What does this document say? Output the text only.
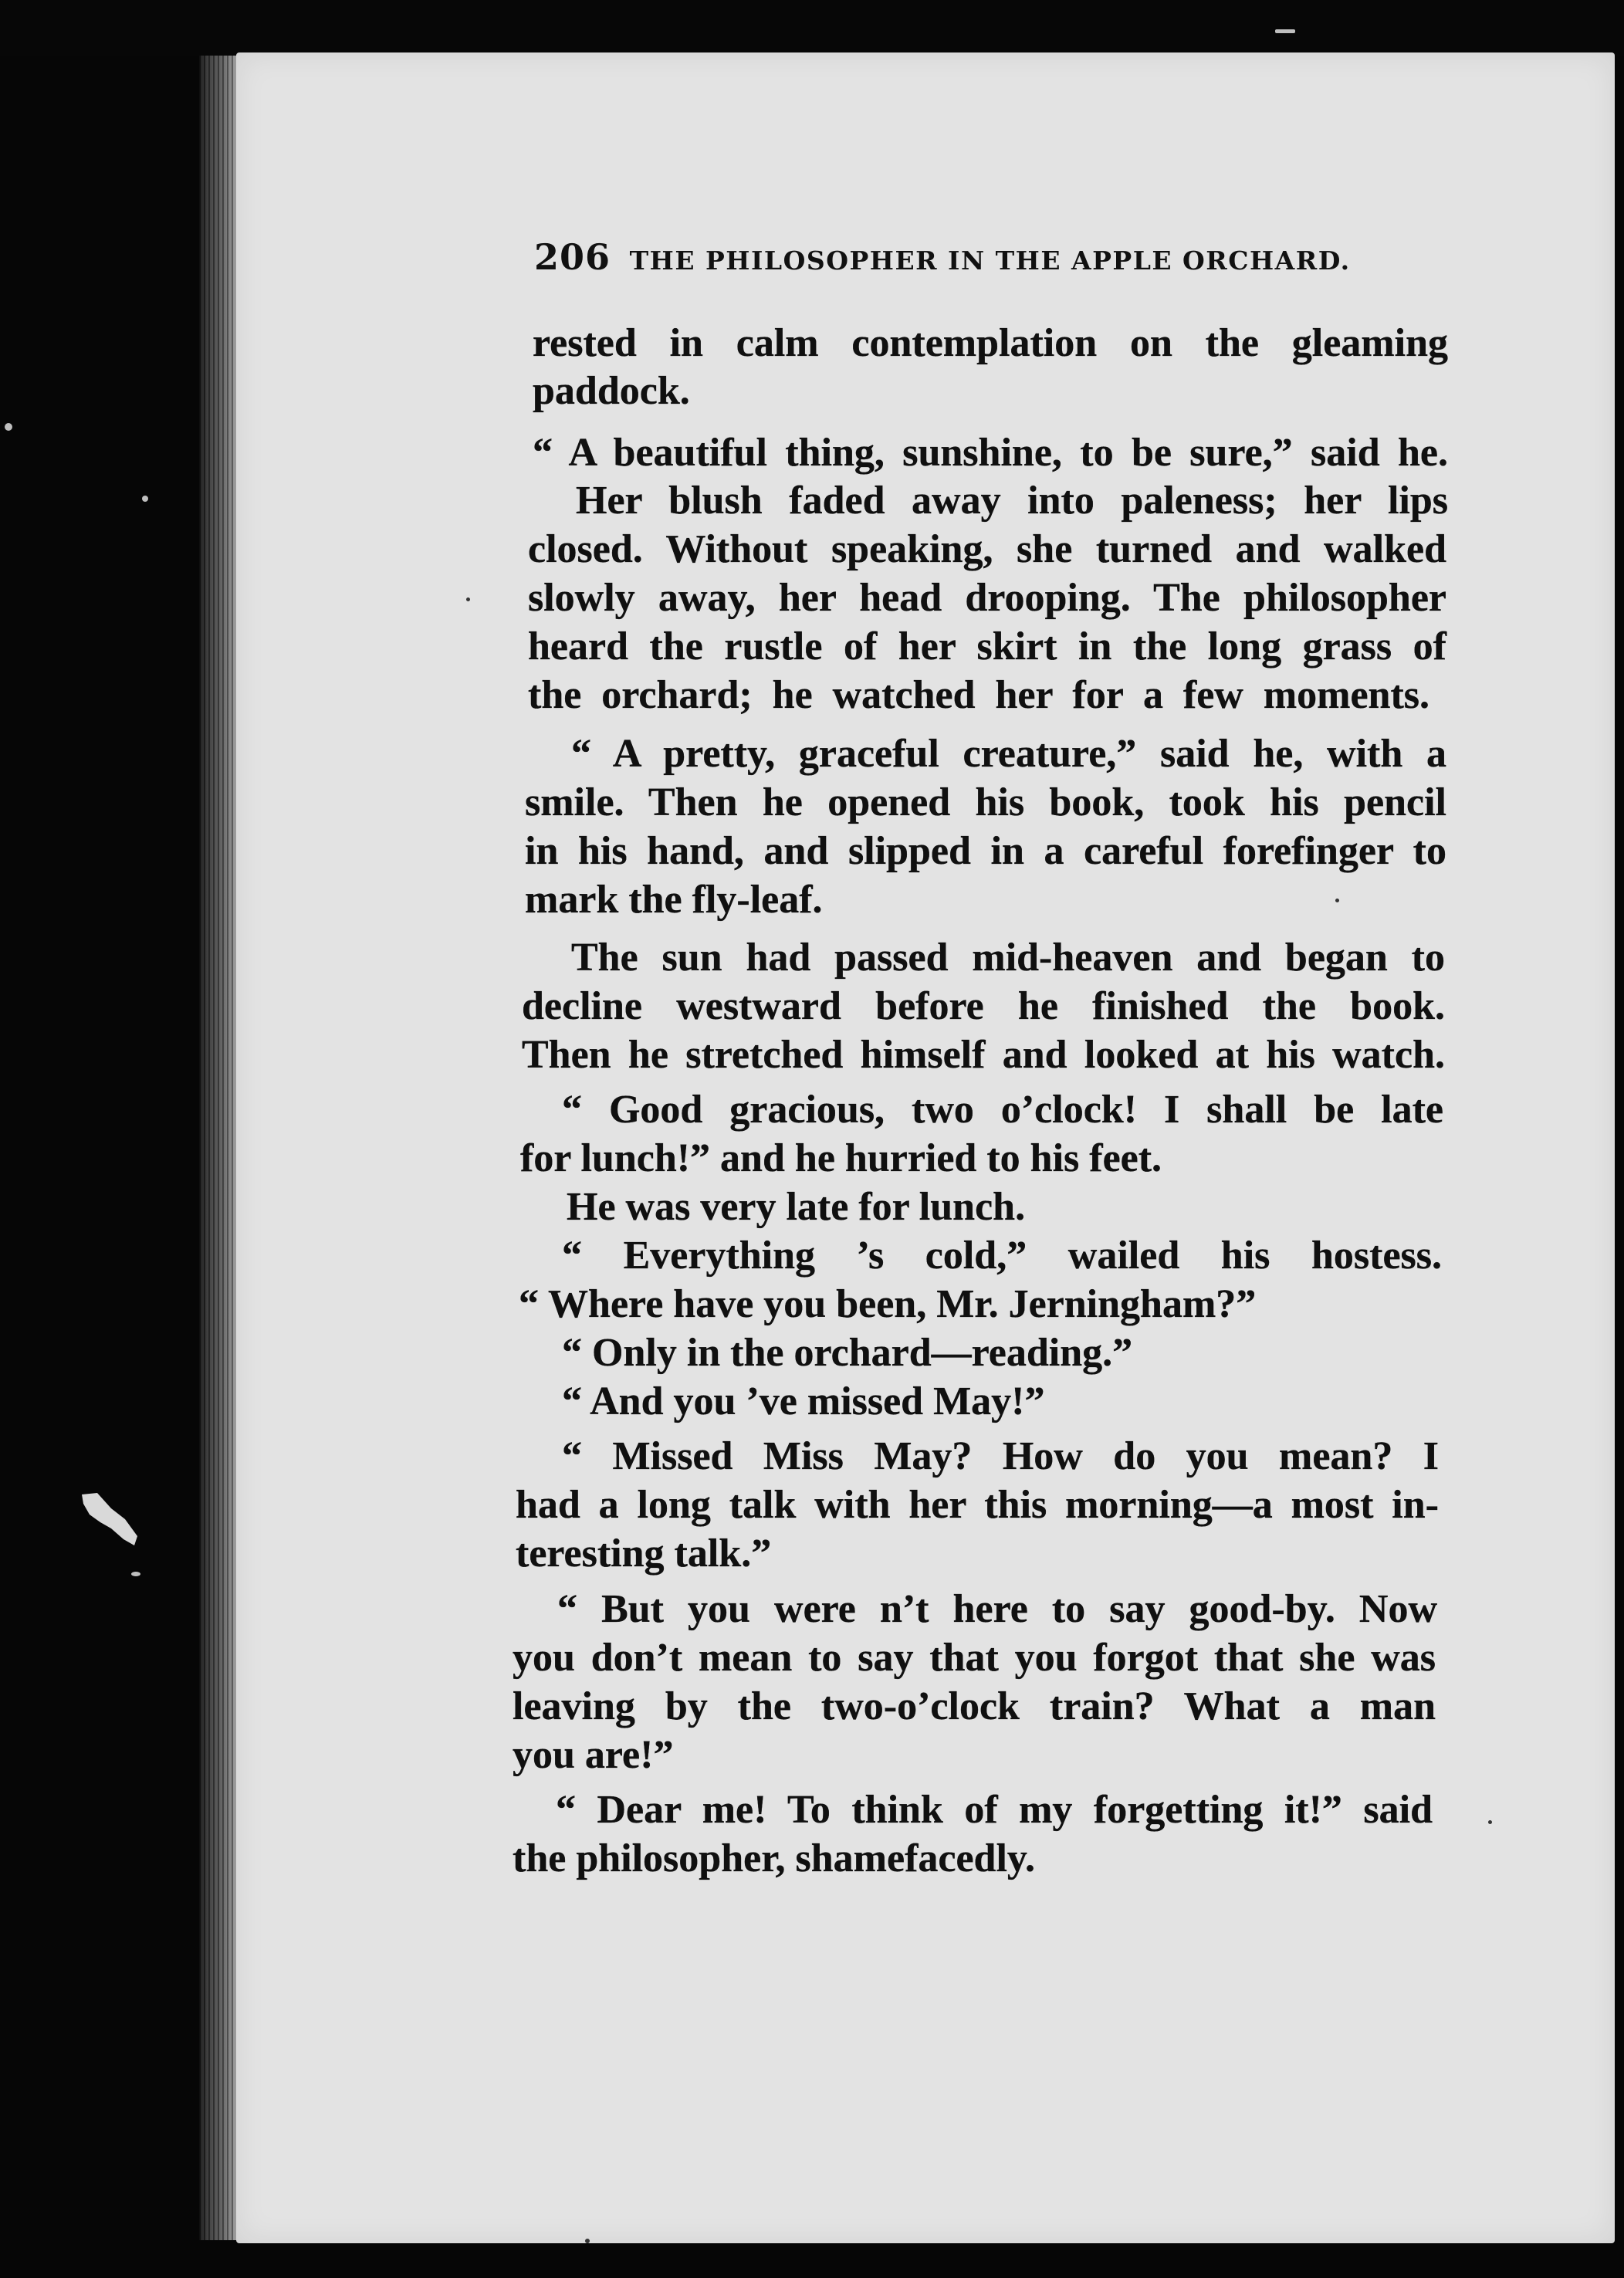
206 THE PHILOSOPHER IN THE APPLE ORCHARD.
rested in calm contemplation on the gleaming
paddock.
“ A beautiful thing, sunshine, to be sure,” said he.
Her blush faded away into paleness; her lips
closed. Without speaking, she turned and walked
slowly away, her head drooping. The philosopher
heard the rustle of her skirt in the long grass of
the orchard; he watched her for a few moments.
“ A pretty, graceful creature,” said he, with a
smile. Then he opened his book, took his pencil
in his hand, and slipped in a careful forefinger to
mark the fly-leaf.
The sun had passed mid-heaven and began to
decline westward before he finished the book.
Then he stretched himself and looked at his watch.
“ Good gracious, two o’clock! I shall be late
for lunch!” and he hurried to his feet.
He was very late for lunch.
“ Everything ’s cold,” wailed his hostess.
“ Where have you been, Mr. Jerningham?”
“ Only in the orchard—reading.”
“ And you ’ve missed May!”
“ Missed Miss May? How do you mean? I
had a long talk with her this morning—a most in-
teresting talk.”
“ But you were n’t here to say good-by. Now
you don’t mean to say that you forgot that she was
leaving by the two-o’clock train? What a man
you are!”
“ Dear me! To think of my forgetting it!” said
the philosopher, shamefacedly.
